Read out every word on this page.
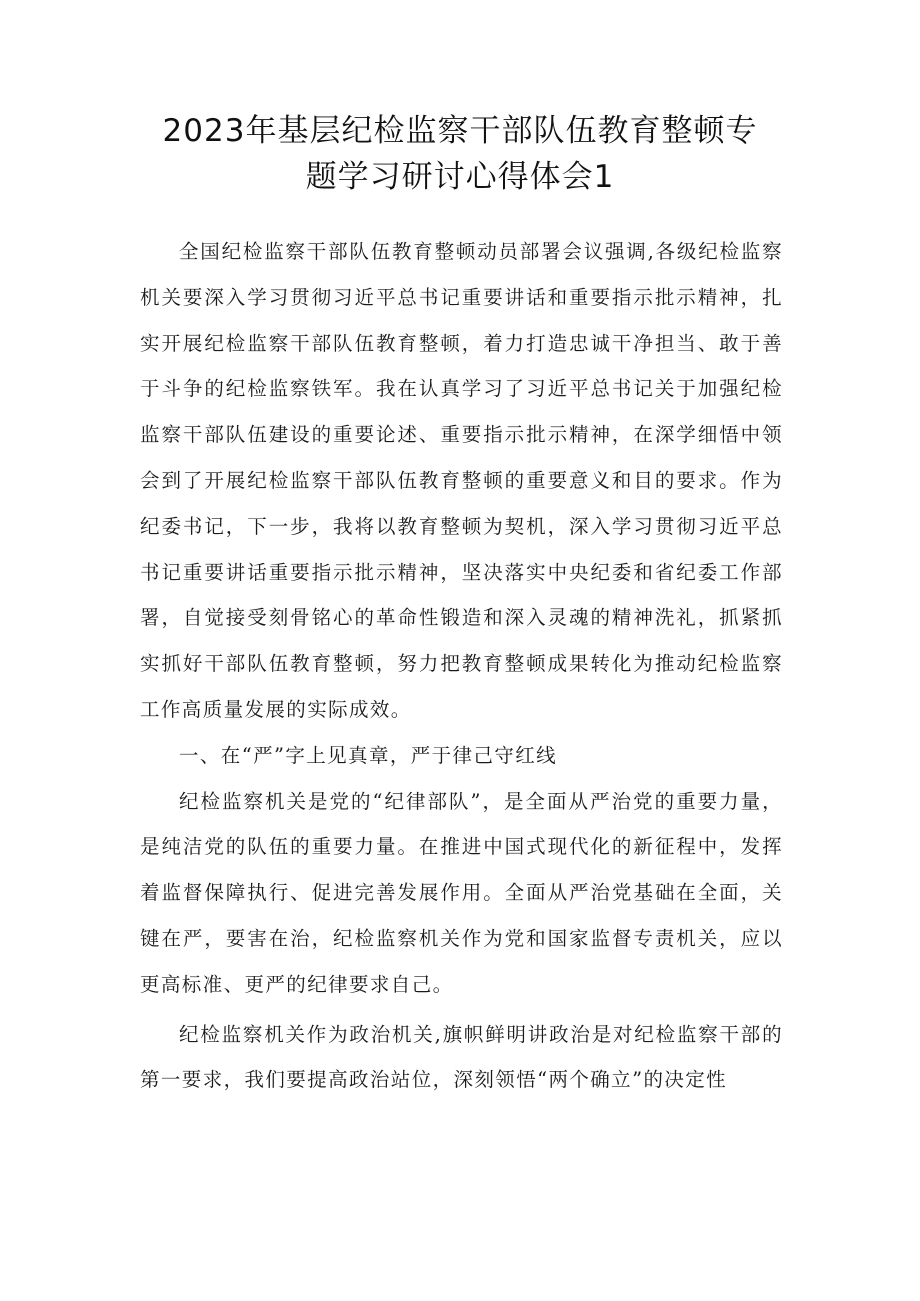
2023年基层纪检监察干部队伍教育整顿专
题学习研讨心得体会1

全国纪检监察干部队伍教育整顿动员部署会议强调,各级纪检监察机关要深入学习贯彻习近平总书记重要讲话和重要指示批示精神，扎实开展纪检监察干部队伍教育整顿，着力打造忠诚干净担当、敢于善于斗争的纪检监察铁军。我在认真学习了习近平总书记关于加强纪检监察干部队伍建设的重要论述、重要指示批示精神，在深学细悟中领会到了开展纪检监察干部队伍教育整顿的重要意义和目的要求。作为纪委书记，下一步，我将以教育整顿为契机，深入学习贯彻习近平总书记重要讲话重要指示批示精神，坚决落实中央纪委和省纪委工作部署，自觉接受刻骨铭心的革命性锻造和深入灵魂的精神洗礼，抓紧抓实抓好干部队伍教育整顿，努力把教育整顿成果转化为推动纪检监察工作高质量发展的实际成效。

一、在“严”字上见真章，严于律己守红线

纪检监察机关是党的“纪律部队”，是全面从严治党的重要力量，是纯洁党的队伍的重要力量。在推进中国式现代化的新征程中，发挥着监督保障执行、促进完善发展作用。全面从严治党基础在全面，关键在严，要害在治，纪检监察机关作为党和国家监督专责机关，应以更高标准、更严的纪律要求自己。

纪检监察机关作为政治机关,旗帜鲜明讲政治是对纪检监察干部的第一要求，我们要提高政治站位，深刻领悟“两个确立”的决定性
